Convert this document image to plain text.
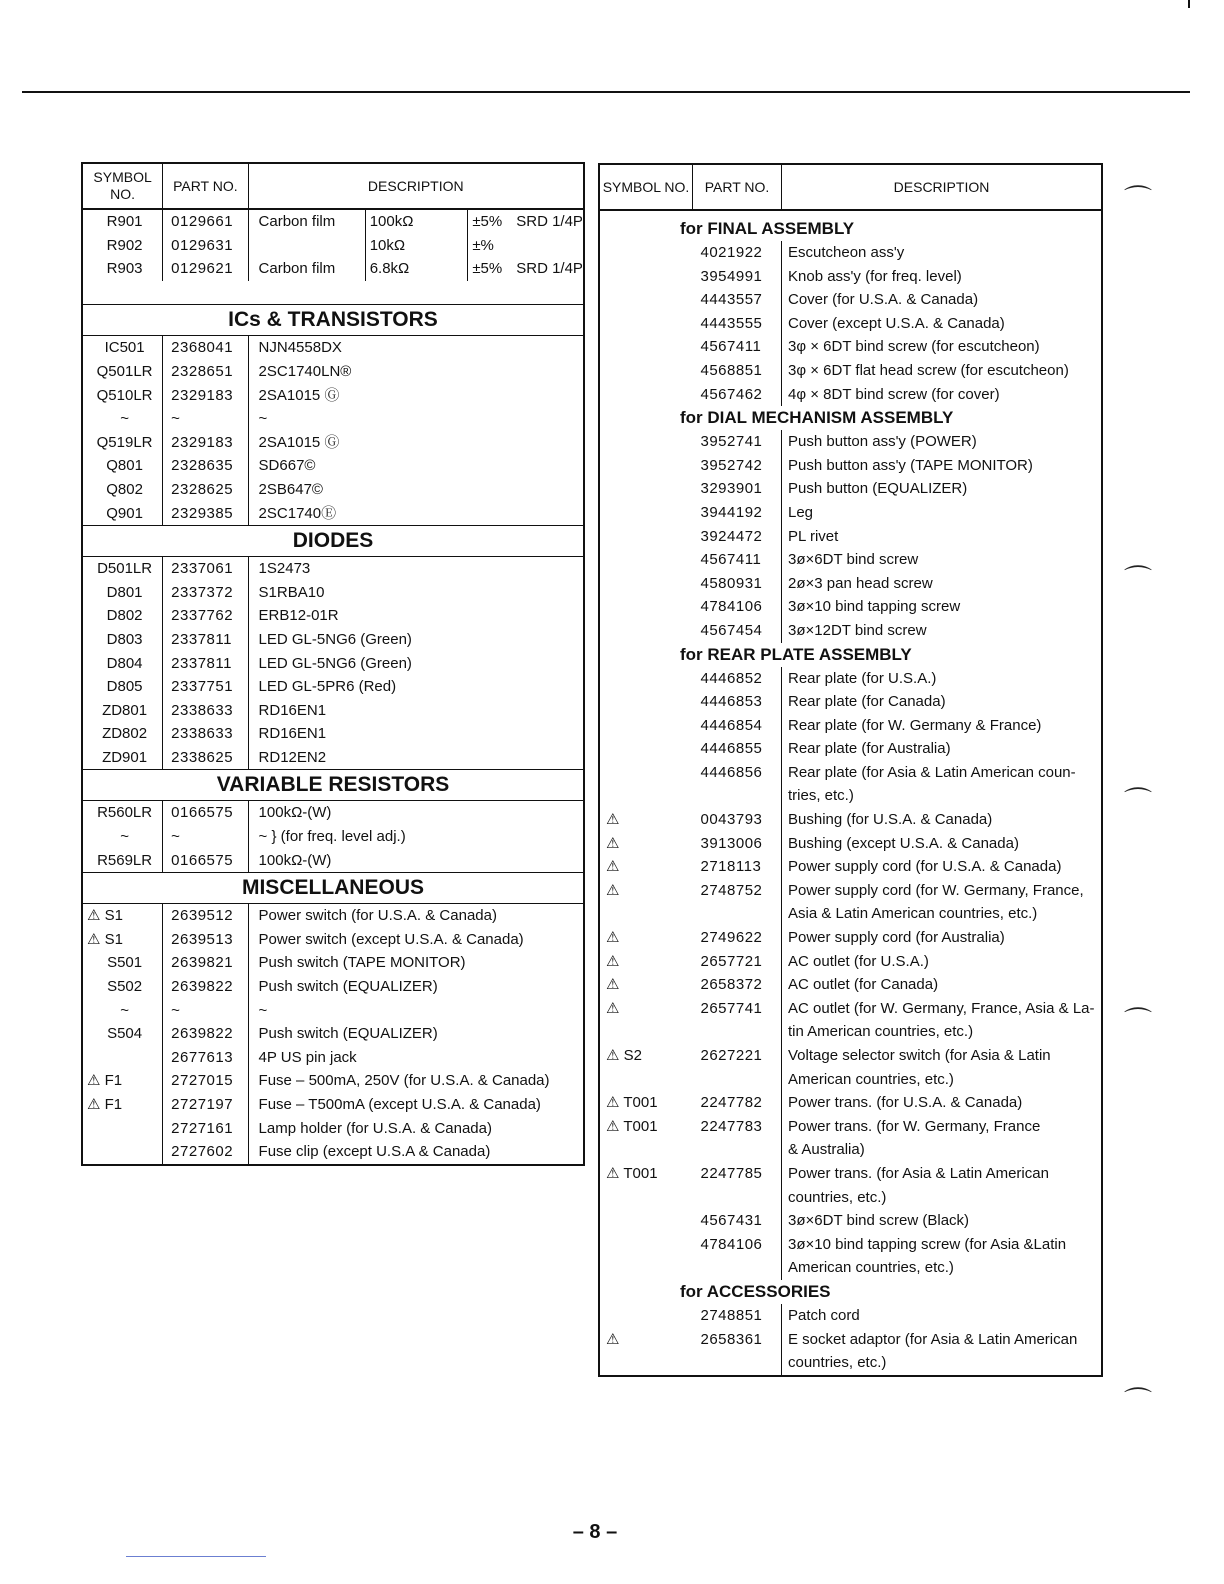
SYMBOL NO.	PART NO.	DESCRIPTION		
R901	0129661	Carbon film	100kΩ	±5% SRD 1/4P
R902	0129631		10kΩ	±%
R903	0129621	Carbon film	6.8kΩ	±5% SRD 1/4P

ICs & TRANSISTORS				
IC501	2368041	NJN4558DX		

Q501LR	2328651	2SC1740LN®		

Q510LR	2329183	2SA1015 Ⓖ		
~	~	~		
Q519LR	2329183	2SA1015 Ⓖ		

Q801	2328635	SD667©		
Q802	2328625	2SB647©		

Q901	2329385	2SC1740Ⓔ		

DIODES				
D501LR	2337061	1S2473		

D801	2337372	S1RBA10		
D802	2337762	ERB12-01R		
D803	2337811	LED GL-5NG6 (Green)		
D804	2337811	LED GL-5NG6 (Green)		
D805	2337751	LED GL-5PR6 (Red)		

ZD801	2338633	RD16EN1		
ZD802	2338633	RD16EN1		

ZD901	2338625	RD12EN2		

VARIABLE RESISTORS				
R560LR	0166575	100kΩ-(W)		
~	~	~ } (for freq. level adj.)		
R569LR	0166575	100kΩ-(W)		

MISCELLANEOUS				
⚠ S1	2639512	Power switch (for U.S.A. & Canada)		
⚠ S1	2639513	Power switch (except U.S.A. & Canada)		
S501	2639821	Push switch (TAPE MONITOR)		
S502	2639822	Push switch (EQUALIZER)		
~	~	~		
S504	2639822	Push switch (EQUALIZER)		
	2677613	4P US pin jack		
⚠ F1	2727015	Fuse – 500mA, 250V (for U.S.A. & Canada)		
⚠ F1	2727197	Fuse – T500mA (except U.S.A. & Canada)		
	2727161	Lamp holder (for U.S.A. & Canada)		
	2727602	Fuse clip (except U.S.A & Canada)		
SYMBOL NO.	PART NO.	DESCRIPTION
for FINAL ASSEMBLY		
	4021922	Escutcheon ass'y
	3954991	Knob ass'y (for freq. level)
	4443557	Cover (for U.S.A. & Canada)
	4443555	Cover (except U.S.A. & Canada)
	4567411	3φ × 6DT bind screw (for escutcheon)
	4568851	3φ × 6DT flat head screw (for escutcheon)
	4567462	4φ × 8DT bind screw (for cover)

for DIAL MECHANISM ASSEMBLY		
	3952741	Push button ass'y (POWER)
	3952742	Push button ass'y (TAPE MONITOR)
	3293901	Push button (EQUALIZER)
	3944192	Leg
	3924472	PL rivet
	4567411	3ø×6DT bind screw
	4580931	2ø×3 pan head screw
	4784106	3ø×10 bind tapping screw
	4567454	3ø×12DT bind screw

for REAR PLATE ASSEMBLY		
	4446852	Rear plate (for U.S.A.)
	4446853	Rear plate (for Canada)
	4446854	Rear plate (for W. Germany & France)
	4446855	Rear plate (for Australia)
	4446856	Rear plate (for Asia & Latin American coun-
		tries, etc.)
⚠	0043793	Bushing (for U.S.A. & Canada)
⚠	3913006	Bushing (except U.S.A. & Canada)
⚠	2718113	Power supply cord (for U.S.A. & Canada)
⚠	2748752	Power supply cord (for W. Germany, France,
		Asia & Latin American countries, etc.)
⚠	2749622	Power supply cord (for Australia)
⚠	2657721	AC outlet (for U.S.A.)
⚠	2658372	AC outlet (for Canada)
⚠	2657741	AC outlet (for W. Germany, France, Asia & La-
		tin American countries, etc.)
⚠ S2	2627221	Voltage selector switch (for Asia & Latin
		American countries, etc.)
⚠ T001	2247782	Power trans. (for U.S.A. & Canada)
⚠ T001	2247783	Power trans. (for W. Germany, France
		& Australia)
⚠ T001	2247785	Power trans. (for Asia & Latin American
		countries, etc.)

	4567431	3ø×6DT bind screw (Black)
	4784106	3ø×10 bind tapping screw (for Asia &Latin
		American countries, etc.)

for ACCESSORIES		
	2748851	Patch cord
⚠	2658361	E socket adaptor (for Asia & Latin American
		countries, etc.)
⌒
⌒
⌒
⌒
⌒
– 8 –
